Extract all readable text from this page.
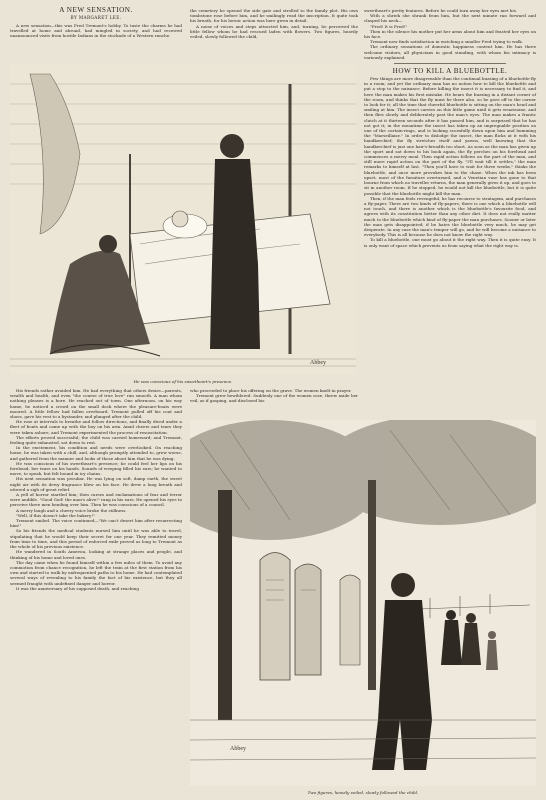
A NEW SENSATION.
BY MARGARET LEE.

A new sensation—this was Fred Tremont's hobby. To taste the charms he had travelled at home and abroad, had mingled in society, and had received unannounced visits from hostile Indians in the stockade of a Western ranche.

the cemetery he opened the side gate and strolled to the family plot. His own tombstone rose before him, and he smilingly read the inscription. It quite took his breath, for his heroic action was here given in detail.

A noise of voices and steps attracted him, and, turning, he perceived the little fellow whom he had rescued laden with flowers. Two figures, heavily veiled, slowly followed the child,

Abbey
He was conscious of his sweetheart's presence.

His friends rather avoided him. He had everything that others desire—parents, wealth and health, and even "the course of true love" ran smooth. A man whom nothing pleases is a bore. He reached out of town. One afternoon, on his way home, he noticed a crowd on the small dock where the pleasure-boats were moored. A little fellow had fallen overboard. Tremont pulled off his coat and shoes, gave his vest to a bystander, and plunged after the child.

He rose at intervals to breathe and follow directions, and finally dived under a fleet of boats and came up with the boy on his arm. Amid cheers and tears they were taken ashore, and Tremont experimented the process of resuscitation.

The efforts proved successful; the child was carried homeward; and Tremont, feeling quite exhausted, sat down to rest.

In the excitement, his condition and needs were overlooked. On reaching home, he was taken with a chill, and, although promptly attended to, grew worse, and gathered from the manner and looks of those about him that he was dying.

He was conscious of his sweetheart's presence; he could feel her lips on his forehead, her tears on his hands. Sounds of weeping filled his ears; he wanted to move, to speak, but felt bound in icy chains.

His next sensation was peculiar. He was lying on soft, damp earth, the sweet night air with its dewy fragrance blew on his face. He drew a long breath and uttered a sigh of great relief.

A yell of horror startled him; then curses and exclamations of fear and terror were audible. "Good God! the man's alive!" rang in his ears. He opened his eyes to perceive three men bending over him. Then he was conscious of a council.

A merry laugh and a cheery voice broke the stillness.

"Well, if this doesn't take the bakery!"

Tremont smiled. The voice continued—"We can't desert him after resurrecting him!"

So his friends the medical students nursed him until he was able to travel, stipulating that he would keep their secret for one year. They remitted money from time to time, and this period of enforced exile proved as long to Tremont as the whole of his previous existence.

He wandered in South America, looking at strange places and people, and thinking of his home and loved ones.

The day came when he found himself within a few miles of them. To avoid any commotion from chance recognition, he left the train at the first station from his own and started to walk by unfrequented paths to his home. He had contemplated several ways of revealing to his family the fact of his existence, but they all seemed fraught with undefined danger and horror.

It was the anniversary of his supposed death, and reaching

who proceeded to place his offering on the grave. The women knelt in prayer.

Tremont grew bewildered. Suddenly one of the women rose, threw aside her veil, as if gasping, and disclosed his

sweetheart's pretty features. Before he could turn away her eyes met his.

With a shriek she shrank from him, but the next minute ran forward and clasped his neck—

"Fred! It is Fred!"

Then in the silence his mother put her arms about him and feasted her eyes on his face.

Tremont now finds satisfaction in watching a smaller Fred trying to walk.

The ordinary sensations of domestic happiness content him. He has three welcome visitors, all physicians in good standing, with whom his intimacy is variously explained.

HOW TO KILL A BLUEBOTTLE.

Few things are more disagreeable than the continual buzzing of a bluebottle-fly in a room; and yet the ordinary man has no notion how to kill the bluebottle and put a stop to the nuisance. Before killing the insect it is necessary to find it, and here the man makes his first mistake. He hears the buzzing in a distant corner of the room, and thinks that the fly must be there also, so he goes off to the corner to look for it; all the time that cheerful bluebottle is sitting on the man's head and smiling at him. The insect carries on this little game until it gets wearisome, and then flies slowly and deliberately past the man's eyes. The man makes a frantic clutch at it thirteen seconds after it has passed him, and is surprised that he has not got it; in the meantime the insect has taken up an impregnable position on one of the curtain-rings, and is looking scornfully down upon him and humming the "Marseillaise." In order to dislodge the insect, the man flicks at it with his handkerchief; the fly stretches itself and yawns, well knowing that the handkerchief is just one hair's-breadth too short. As soon as the man has given up the sport and sat down to his book again, the fly perches on his forehead and commences a merry meal. Then rapid action follows on the part of the man, and still more rapid action on the part of the fly. "I'll wait till it settles," the man remarks to himself at last. "Then you'll have to wait for three weeks," thinks the bluebottle, and once more provokes him to the chase. When the ink has been upset, most of the furniture overturned, and a Venetian vase has gone to that bourne from which no traveller returns, the man generally gives it up, and goes to sit in another room. If he stopped, he would not kill the bluebottle, but it is quite possible that the bluebottle might kill the man.

Then, if the man feels revengeful, he has recourse to stratagem, and purchases a fly-paper. There are two kinds of fly-papers; there is one which a bluebottle will not touch, and there is another which is the bluebottle's favourite food, and agrees with its constitution better than any other diet. It does not really matter much to the bluebottle which kind of fly-paper the man purchases. Sooner or later the man gets disappointed; if he hates the bluebottle very much, he may get desperate. In any case the man's temper will go, and he will become a nuisance to everybody. This is all because he does not know the right way.

To kill a bluebottle, one must go about it the right way. Then it is quite easy. It is only want of space which prevents us from saying what the right way is.

Abbey
Two figures, heavily veiled, slowly followed the child.
